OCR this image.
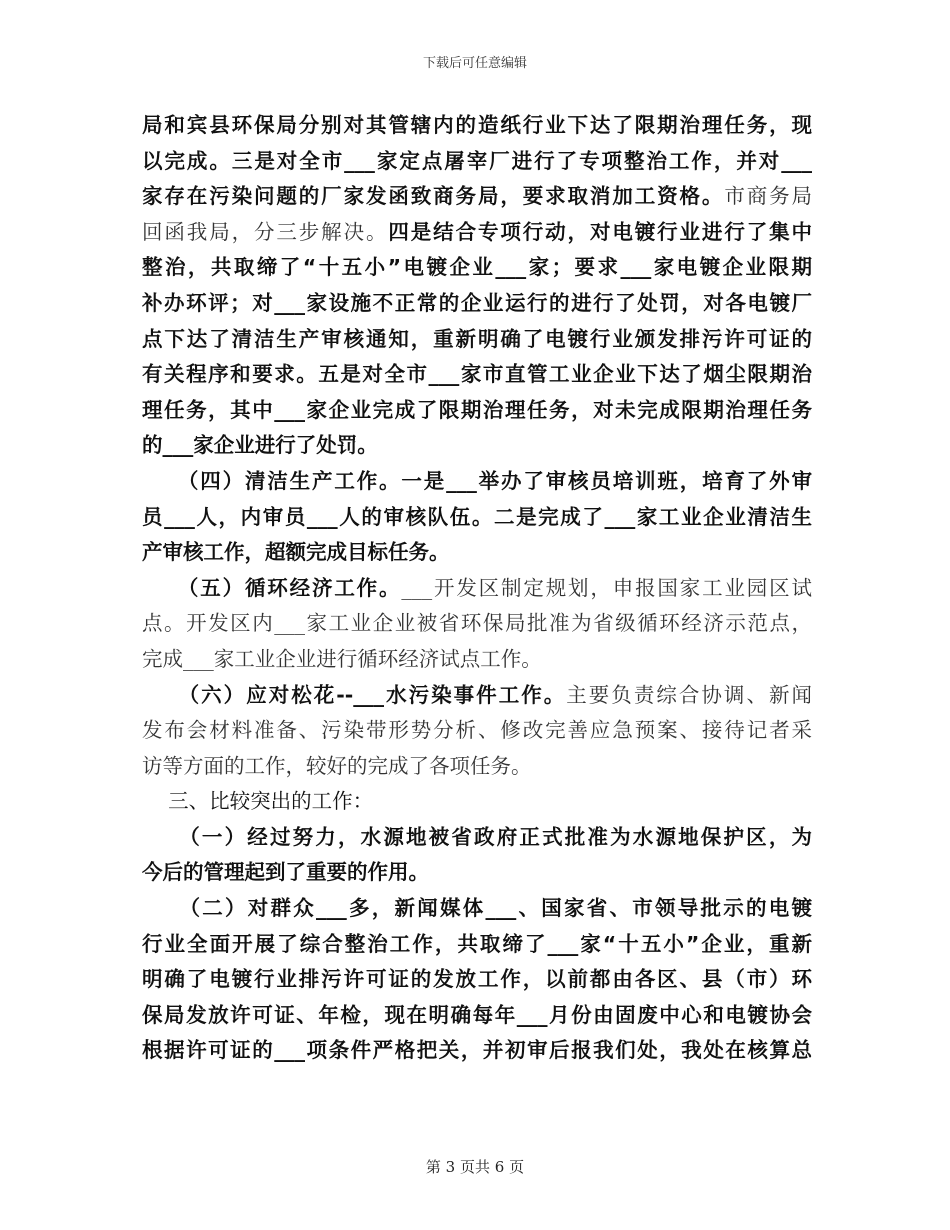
下载后可任意编辑
局和宾县环保局分别对其管辖内的造纸行业下达了限期治理任务，现
以完成。三是对全市___家定点屠宰厂进行了专项整治工作，并对___
家存在污染问题的厂家发函致商务局，要求取消加工资格。市商务局
回函我局，分三步解决。四是结合专项行动，对电镀行业进行了集中
整治，共取缔了“十五小”电镀企业___家；要求___家电镀企业限期
补办环评；对___家设施不正常的企业运行的进行了处罚，对各电镀厂
点下达了清洁生产审核通知，重新明确了电镀行业颁发排污许可证的
有关程序和要求。五是对全市___家市直管工业企业下达了烟尘限期治
理任务，其中___家企业完成了限期治理任务，对未完成限期治理任务
的___家企业进行了处罚。
（四）清洁生产工作。一是___举办了审核员培训班，培育了外审
员___人，内审员___人的审核队伍。二是完成了___家工业企业清洁生
产审核工作，超额完成目标任务。
（五）循环经济工作。___开发区制定规划，申报国家工业园区试
点。开发区内___家工业企业被省环保局批准为省级循环经济示范点，
完成___家工业企业进行循环经济试点工作。
（六）应对松花--___水污染事件工作。主要负责综合协调、新闻
发布会材料准备、污染带形势分析、修改完善应急预案、接待记者采
访等方面的工作，较好的完成了各项任务。
三、比较突出的工作：
（一）经过努力，水源地被省政府正式批准为水源地保护区，为
今后的管理起到了重要的作用。
（二）对群众___多，新闻媒体___、国家省、市领导批示的电镀
行业全面开展了综合整治工作，共取缔了___家“十五小”企业，重新
明确了电镀行业排污许可证的发放工作，以前都由各区、县（市）环
保局发放许可证、年检，现在明确每年___月份由固废中心和电镀协会
根据许可证的___项条件严格把关，并初审后报我们处，我处在核算总
第 3 页共 6 页
